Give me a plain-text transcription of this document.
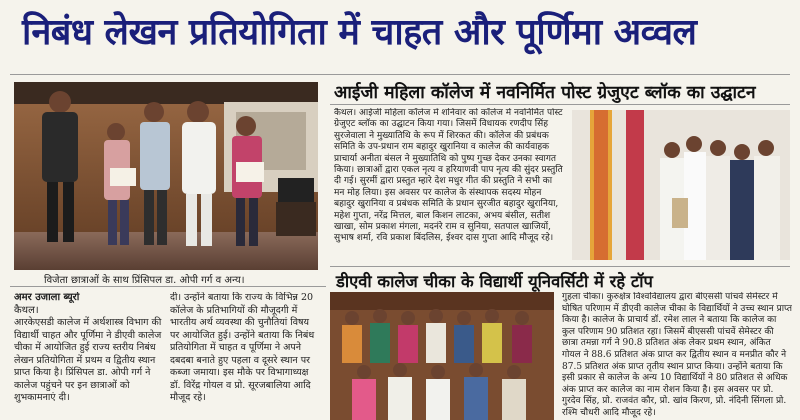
निबंध लेखन प्रतियोगिता में चाहत और पूर्णिमा अव्वल
विजेता छात्राओं के साथ प्रिंसिपल डा. ओपी गर्ग व अन्य।
अमर उजाला ब्यूरो
कैथल।
आरकेएसडी कालेज में अर्थशास्त्र विभाग की विद्यार्थी चाहत और पूर्णिमा ने डीएवी कालेज चीका में आयोजित हुई राज्य स्तरीय निबंध लेखन प्रतियोगिता में प्रथम व द्वितीय स्थान प्राप्त किया है। प्रिंसिपल डा. ओपी गर्ग ने कालेज पहुंचने पर इन छात्राओं को शुभकामनाएं दी।
दी। उन्होंने बताया कि राज्य के विभिन्न 20 कॉलेज के प्रतिभागियों की मौजूदगी में भारतीय अर्थ व्यवस्था की चुनौतियां विषय पर आयोजित हुई। उन्होंने बताया कि निबंध प्रतियोगिता में चाहत व पूर्णिमा ने अपने दबदबा बनाते हुए पहला व दूसरे स्थान पर कब्जा जमाया। इस मौके पर विभागाध्यक्ष डॉ. विरेंद्र गोयल व प्रो. सूरजबालिया आदि मौजूद रहे।
आईजी महिला कॉलेज में नवनिर्मित पोस्ट ग्रेजुएट ब्लॉक का उद्घाटन
कैथल। आईजी महिला कॉलेज में शनिवार को कॉलेज में नवनिर्मित पोस्ट ग्रेजुएट ब्लॉक का उद्घाटन किया गया। जिसमें विधायक रणदीप सिंह सुरजेवाला ने मुख्यातिथि के रूप में शिरकत की। कॉलेज की प्रबंधक समिति के उप-प्रधान राम बहादुर खुरानिया व कालेज की कार्यवाहक प्राचार्या अनीता बंसल ने मुख्यातिथि को पुष्प गुच्छ देकर उनका स्वागत किया। छात्राओं द्वारा एकल नृत्य व हरियाणवी पाप नृत्य की सुंदर प्रस्तुति दी गई। सुरमीं द्वारा प्रस्तुत म्हारे देश मधुर गीत की प्रस्तुति ने सभी का मन मोह लिया। इस अवसर पर कालेज के संस्थापक सदस्य मोहन बहादुर खुरानिया व प्रबंधक समिति के प्रधान सुरजीत बहादुर खुरानिया, महेश गुप्ता, नरेंद्र मित्तल, बाल किशन लाटका, अभय बंसील, सतीश खाखा, सोम प्रकाश मंगला, मदनंरे राम व सुनिया, सतपाल खाजियों, सुभाष शर्मा, रवि प्रकाश बिंदलिस, ईश्वर दास गुप्ता आदि मौजूद रहे।
डीएवी कालेज चीका के विद्यार्थी यूनिवर्सिटी में रहे टॉप
गुहला चीका। कुरुक्षेत्र विश्वविद्यालय द्वारा बीएससी पांचवें सेमेस्टर में घोषित परिणाम में डीएवी कालेज चीका के विद्यार्थियों ने उच्च स्थान प्राप्त किया है। कालेज के प्राचार्य डॉ. रमेश लाल ने बताया कि कालेज का कुल परिणाम 90 प्रतिशत रहा। जिसमें बीएससी पांचवें सेमेस्टर की छात्रा तमन्ना गर्ग ने 90.8 प्रतिशत अंक लेकर प्रथम स्थान, अंकित गोयल ने 88.6 प्रतिशत अंक प्राप्त कर द्वितीय स्थान व मनप्रीत कौर ने 87.5 प्रतिशत अंक प्राप्त तृतीय स्थान प्राप्त किया। उन्होंने बताया कि इसी प्रकार से कालेज के अन्य 10 विद्यार्थियों ने 80 प्रतिशत से अधिक अंक प्राप्त कर कालेज का नाम रोशन किया है। इस अवसर पर प्रो. गुरदेव सिंह, प्रो. राजवंत कौर, प्रो. खांव किरण, प्रो. नंदिनी सिंगला प्रो. रश्मि चौधरी आदि मौजूद रहे।
